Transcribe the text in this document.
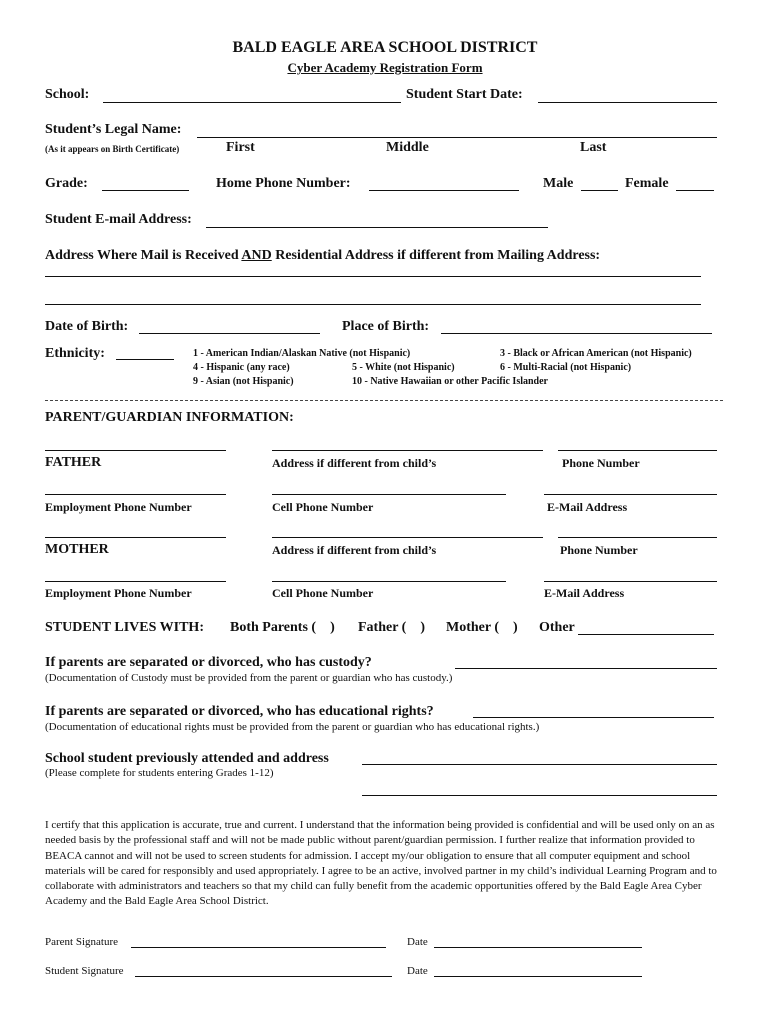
BALD EAGLE AREA SCHOOL DISTRICT
Cyber Academy Registration Form
School:	Student Start Date:
Student’s Legal Name:
(As it appears on Birth Certificate)	First	Middle	Last
Grade:	Home Phone Number:	Male	Female
Student E-mail Address:
Address Where Mail is Received AND Residential Address if different from Mailing Address:
Date of Birth:	Place of Birth:
Ethnicity:	1 - American Indian/Alaskan Native (not Hispanic)	3 - Black or African American (not Hispanic)
4 - Hispanic (any race)	5 - White (not Hispanic)	6 - Multi-Racial (not Hispanic)
9 - Asian (not Hispanic)	10 - Native Hawaiian or other Pacific Islander
PARENT/GUARDIAN INFORMATION:
FATHER	Address if different from child’s	Phone Number
Employment Phone Number	Cell Phone Number	E-Mail Address
MOTHER	Address if different from child’s	Phone Number
Employment Phone Number	Cell Phone Number	E-Mail Address
STUDENT LIVES WITH: Both Parents (    ) Father (    ) Mother (    ) Other
If parents are separated or divorced, who has custody?
(Documentation of Custody must be provided from the parent or guardian who has custody.)
If parents are separated or divorced, who has educational rights?
(Documentation of educational rights must be provided from the parent or guardian who has educational rights.)
School student previously attended and address
(Please complete for students entering Grades 1-12)
I certify that this application is accurate, true and current. I understand that the information being provided is confidential and will be used only on an as needed basis by the professional staff and will not be made public without parent/guardian permission. I further realize that information provided to BEACA cannot and will not be used to screen students for admission. I accept my/our obligation to ensure that all computer equipment and school materials will be cared for responsibly and used appropriately. I agree to be an active, involved partner in my child’s individual Learning Program and to collaborate with administrators and teachers so that my child can fully benefit from the academic opportunities offered by the Bald Eagle Area Cyber Academy and the Bald Eagle Area School District.
Parent Signature	Date
Student Signature	Date
